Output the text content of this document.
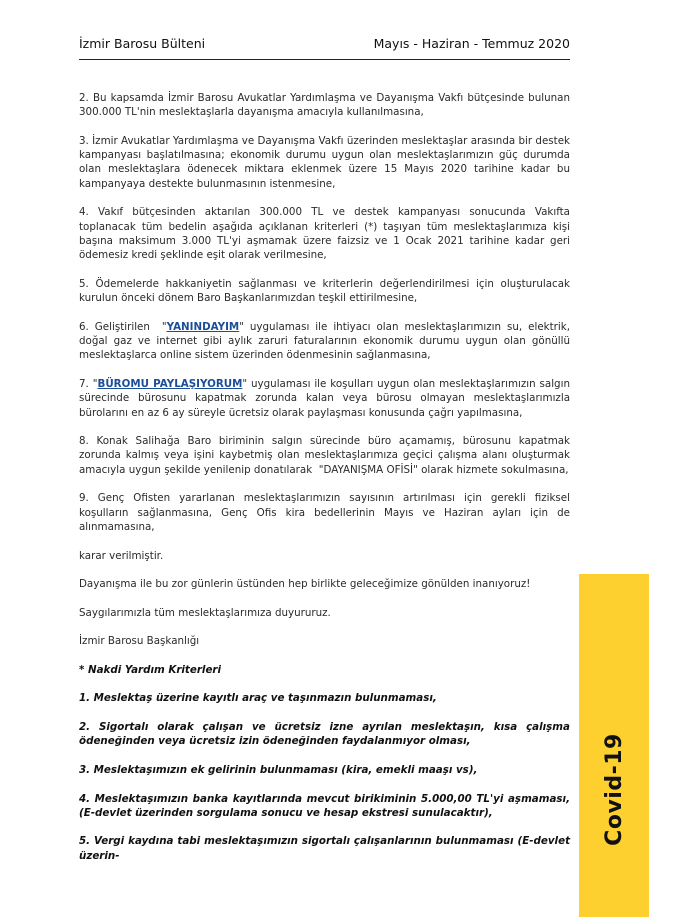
İzmir Barosu Bülteni	Mayıs - Haziran - Temmuz 2020

2. Bu kapsamda İzmir Barosu Avukatlar Yardımlaşma ve Dayanışma Vakfı bütçesinde bulunan 300.000 TL'nin meslektaşlarla dayanışma amacıyla kullanılmasına,

3. İzmir Avukatlar Yardımlaşma ve Dayanışma Vakfı üzerinden meslektaşlar arasında bir destek kampanyası başlatılmasına; ekonomik durumu uygun olan meslektaşlarımızın güç durumda olan meslektaşlara ödenecek miktara eklenmek üzere 15 Mayıs 2020 tarihine kadar bu kampanyaya destekte bulunmasının istenmesine,

4. Vakıf bütçesinden aktarılan 300.000 TL ve destek kampanyası sonucunda Vakıfta toplanacak tüm bedelin aşağıda açıklanan kriterleri (*) taşıyan tüm meslektaşlarımıza kişi başına maksimum 3.000 TL'yi aşmamak üzere faizsiz ve 1 Ocak 2021 tarihine kadar geri ödemesiz kredi şeklinde eşit olarak verilmesine,

5. Ödemelerde hakkaniyetin sağlanması ve kriterlerin değerlendirilmesi için oluşturulacak kurulun önceki dönem Baro Başkanlarımızdan teşkil ettirilmesine,

6. Geliştirilen  "YANINDAYIM" uygulaması ile ihtiyacı olan meslektaşlarımızın su, elektrik, doğal gaz ve internet gibi aylık zaruri faturalarının ekonomik durumu uygun olan gönüllü meslektaşlarca online sistem üzerinden ödenmesinin sağlanmasına,

7. "BÜROMU PAYLAŞIYORUM" uygulaması ile koşulları uygun olan meslektaşlarımızın salgın sürecinde bürosunu kapatmak zorunda kalan veya bürosu olmayan meslektaşlarımızla bürolarını en az 6 ay süreyle ücretsiz olarak paylaşması konusunda çağrı yapılmasına,

8. Konak Salihağa Baro biriminin salgın sürecinde büro açamamış, bürosunu kapatmak zorunda kalmış veya işini kaybetmiş olan meslektaşlarımıza geçici çalışma alanı oluşturmak amacıyla uygun şekilde yenilenip donatılarak  "DAYANIŞMA OFİSİ" olarak hizmete sokulmasına,

9. Genç Ofisten yararlanan meslektaşlarımızın sayısının artırılması için gerekli fiziksel koşulların sağlanmasına, Genç Ofis kira bedellerinin Mayıs ve Haziran ayları için de alınmamasına,

karar verilmiştir.

Dayanışma ile bu zor günlerin üstünden hep birlikte geleceğimize gönülden inanıyoruz!

Saygılarımızla tüm meslektaşlarımıza duyururuz.

İzmir Barosu Başkanlığı

* Nakdi Yardım Kriterleri

1. Meslektaş üzerine kayıtlı araç ve taşınmazın bulunmaması,

2. Sigortalı olarak çalışan ve ücretsiz izne ayrılan meslektaşın, kısa çalışma ödeneğinden veya ücretsiz izin ödeneğinden faydalanmıyor olması,

3. Meslektaşımızın ek gelirinin bulunmaması (kira, emekli maaşı vs),

4. Meslektaşımızın banka kayıtlarında mevcut birikiminin 5.000,00 TL'yi aşmaması, (E-devlet üzerinden sorgulama sonucu ve hesap ekstresi sunulacaktır),

5. Vergi kaydına tabi meslektaşımızın sigortalı çalışanlarının bulunmaması (E-devlet üzerin-

Covid-19
